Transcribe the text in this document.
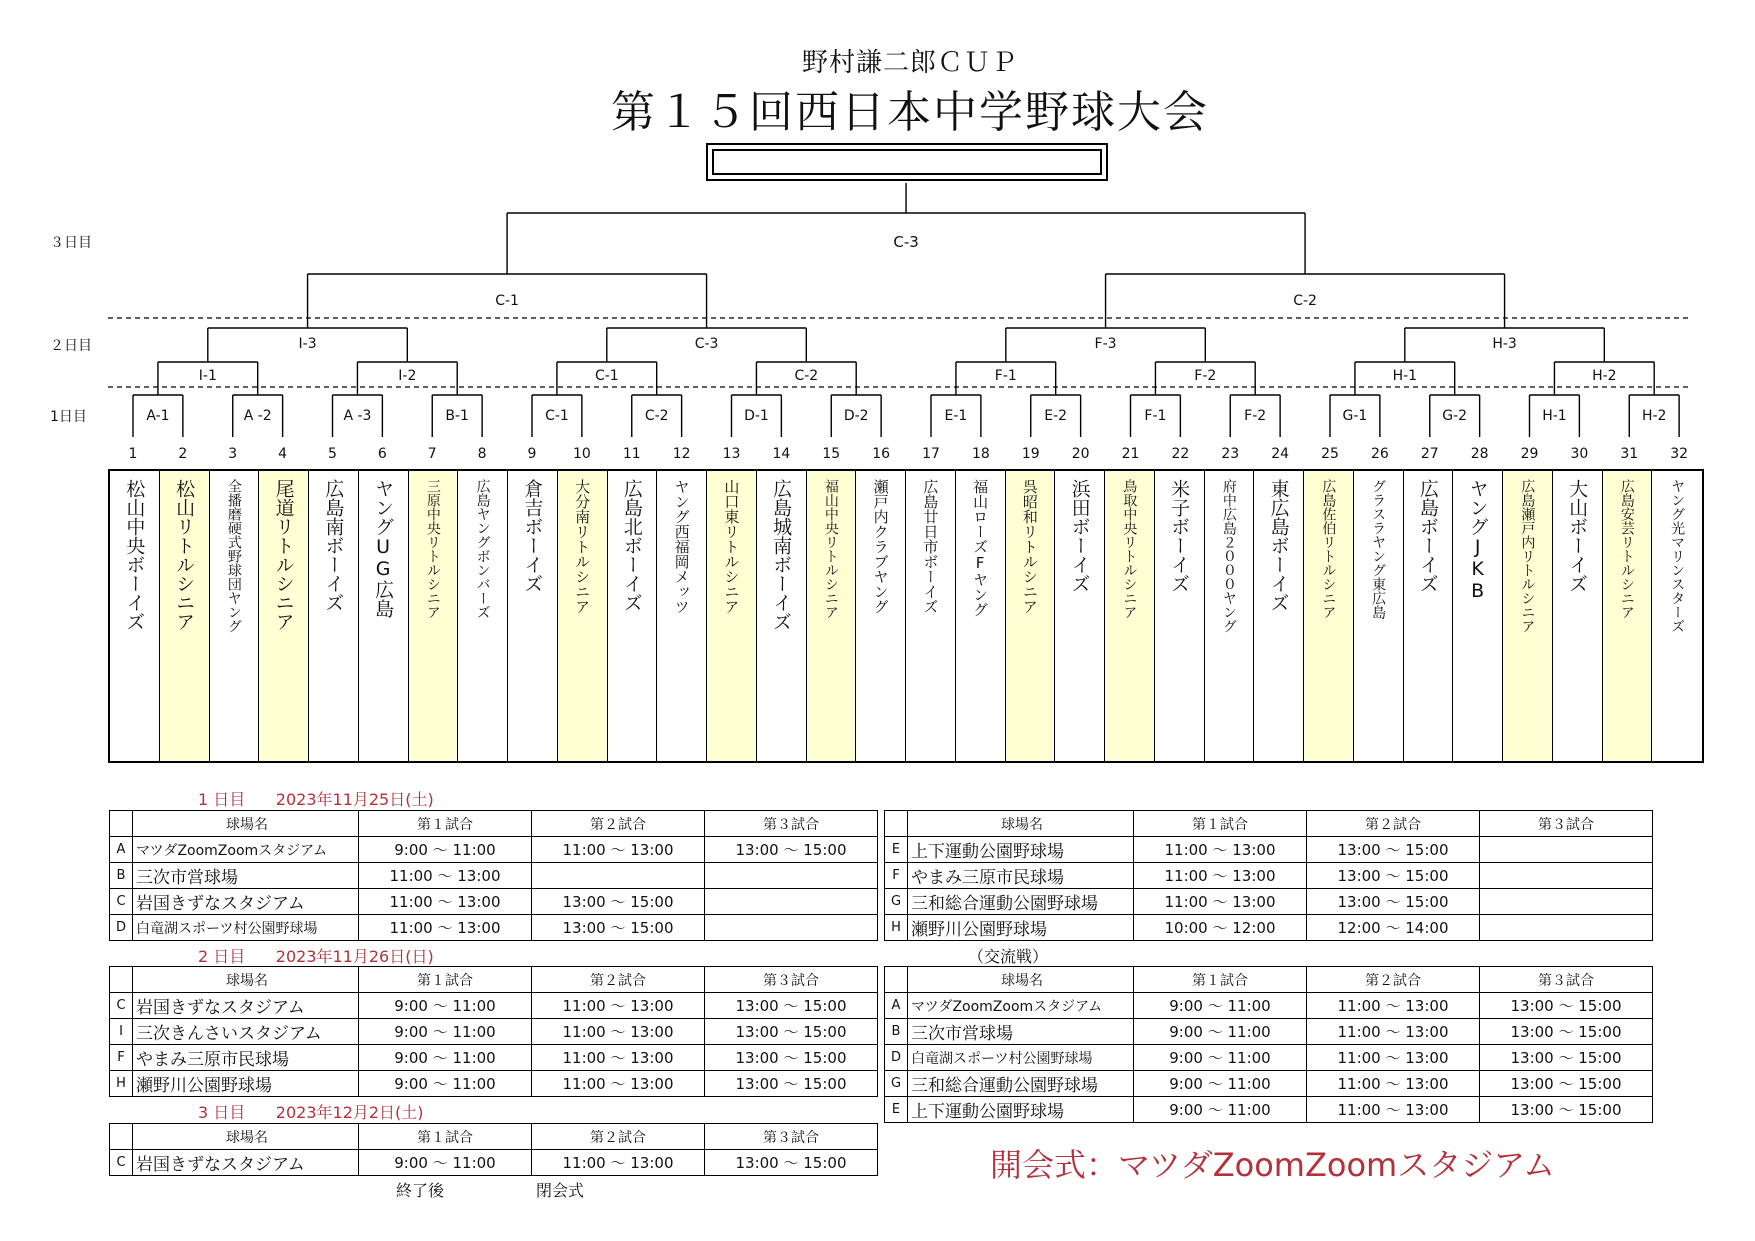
野村謙二郎ＣＵＰ
第１５回西日本中学野球大会
３日目
２日目
1日目	A-1	A -2	A -3	B-1	C-1	C-2	D-1	D-2	E-1	E-2	F-1	F-2	G-1	G-2	H-1	H-2
I-1	I-2	C-1	C-2	F-1	F-2	H-1	H-2
I-3	C-3	F-3	H-3
C-1	C-2
C-3
1	2	3	4	5	6	7	8	9	10 11 12 13 14 15 16 17 18 19 20 21 22 23 24 25 26 27 28 29 30 31 32
松山中央ボーイズ	松山リトルシニア	全播磨硬式野球団ヤング	尾道リトルシニア	広島南ボーイズ	ヤングUG広島	三原中央リトルシニア 広島ヤングボンバーズ	倉吉ボーイズ	大分南リトルシニア	広島北ボーイズ	ヤング西福岡メッツ 山口東リトルシニア	広島城南ボーイズ	福山中央リトルシニア 瀬戸内クラブヤング 広島廿日市ボーイズ 福山ローズFヤング 呉昭和リトルシニア	浜田ボーイズ	鳥取中央リトルシニア	米子ボーイズ	府中広島２０００ヤング	東広島ボーイズ	広島佐伯リトルシニア グラスラヤング東広島	広島ボーイズ	ヤングJKB	広島瀬戸内リトルシニア	大山ボーイズ	広島安芸リトルシニア ヤング光マリンスターズ
1 日目 2023年11月25日(土)
	球場名	第１試合	第２試合	第３試合
A	マツダZoomZoomスタジアム	9:00 ～ 11:00	11:00 ～ 13:00	13:00 ～ 15:00
B	三次市営球場	11:00 ～ 13:00		
C	岩国きずなスタジアム	11:00 ～ 13:00	13:00 ～ 15:00	
D	白竜湖スポーツ村公園野球場	11:00 ～ 13:00	13:00 ～ 15:00	
	球場名	第１試合	第２試合	第３試合
E	上下運動公園野球場	11:00 ～ 13:00	13:00 ～ 15:00	
F	やまみ三原市民球場	11:00 ～ 13:00	13:00 ～ 15:00	
G	三和総合運動公園野球場	11:00 ～ 13:00	13:00 ～ 15:00	
H	瀬野川公園野球場	10:00 ～ 12:00	12:00 ～ 14:00	
2 日目 2023年11月26日(日)	（交流戦）
	球場名	第１試合	第２試合	第３試合
C	岩国きずなスタジアム	9:00 ～ 11:00	11:00 ～ 13:00	13:00 ～ 15:00
I	三次きんさいスタジアム	9:00 ～ 11:00	11:00 ～ 13:00	13:00 ～ 15:00
F	やまみ三原市民球場	9:00 ～ 11:00	11:00 ～ 13:00	13:00 ～ 15:00
H	瀬野川公園野球場	9:00 ～ 11:00	11:00 ～ 13:00	13:00 ～ 15:00
	球場名	第１試合	第２試合	第３試合
A	マツダZoomZoomスタジアム	9:00 ～ 11:00	11:00 ～ 13:00	13:00 ～ 15:00
B	三次市営球場	9:00 ～ 11:00	11:00 ～ 13:00	13:00 ～ 15:00
D	白竜湖スポーツ村公園野球場	9:00 ～ 11:00	11:00 ～ 13:00	13:00 ～ 15:00
G	三和総合運動公園野球場	9:00 ～ 11:00	11:00 ～ 13:00	13:00 ～ 15:00
E	上下運動公園野球場	9:00 ～ 11:00	11:00 ～ 13:00	13:00 ～ 15:00
3 日目 2023年12月2日(土)
	球場名	第１試合	第２試合	第３試合
C	岩国きずなスタジアム	9:00 ～ 11:00	11:00 ～ 13:00	13:00 ～ 15:00
終了後	閉会式
開会式：マツダZoomZoomスタジアム
